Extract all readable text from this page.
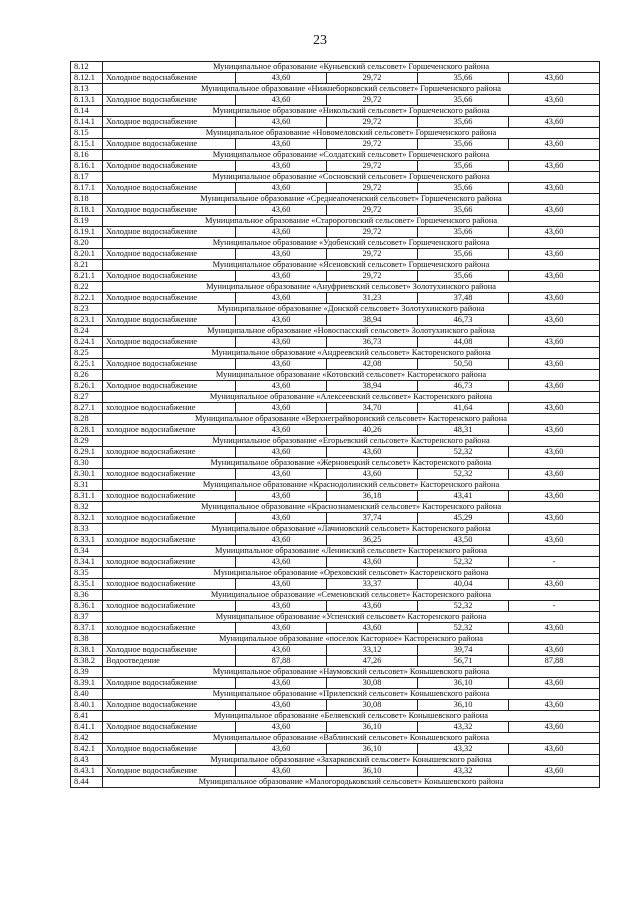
23
8.12	Муниципальное образование «Куньевский сельсовет» Горшеченского района				
8.12.1	Холодное водоснабжение	43,60	29,72	35,66	43,60
8.13	Муниципальное образование «Нижнеборковский сельсовет» Горшеченского района				
8.13.1	Холодное водоснабжение	43,60	29,72	35,66	43,60
8.14	Муниципальное образование «Никольский сельсовет» Горшеченского района				
8.14.1	Холодное водоснабжение	43,60	29,72	35,66	43,60
8.15	Муниципальное образование «Новомеловский сельсовет» Горшеченского района				
8.15.1	Холодное водоснабжение	43,60	29,72	35,66	43,60
8.16	Муниципальное образование «Солдатский сельсовет» Горшеченского района				
8.16.1	Холодное водоснабжение	43,60	29,72	35,66	43,60
8.17	Муниципальное образование «Сосновский сельсовет» Горшеченского района				
8.17.1	Холодное водоснабжение	43,60	29,72	35,66	43,60
8.18	Муниципальное образование «Среднеапоченский сельсовет» Горшеченского района				
8.18.1	Холодное водоснабжение	43,60	29,72	35,66	43,60
8.19	Муниципальное образование «Старороговский сельсовет» Горшеченского района				
8.19.1	Холодное водоснабжение	43,60	29,72	35,66	43,60
8.20	Муниципальное образование «Удобенский сельсовет» Горшеченского района				
8.20.1	Холодное водоснабжение	43,60	29,72	35,66	43,60
8.21	Муниципальное образование «Ясеновский сельсовет» Горшеченского района				
8.21.1	Холодное водоснабжение	43,60	29,72	35,66	43,60
8.22	Муниципальное образование «Ануфриевский сельсовет» Золотухинского района				
8.22.1	Холодное водоснабжение	43,60	31,23	37,48	43,60
8.23	Муниципальное образование «Донской сельсовет» Золотухинского района				
8.23.1	Холодное водоснабжение	43,60	38,94	46,73	43,60
8.24	Муниципальное образование «Новоспасский сельсовет» Золотухинского района				
8.24.1	Холодное водоснабжение	43,60	36,73	44,08	43,60
8.25	Муниципальное образование «Андреевский сельсовет» Касторенского района				
8.25.1	Холодное водоснабжение	43,60	42,08	50,50	43,60
8.26	Муниципальное образование «Котовский сельсовет» Касторенского района				
8.26.1	Холодное водоснабжение	43,60	38,94	46,73	43,60
8.27	Муниципальное образование «Алексеевский сельсовет» Касторенского района				
8.27.1	холодное водоснабжение	43,60	34,70	41,64	43,60
8.28	Муниципальное образование «Верхнеграйворонский сельсовет» Касторенского района				
8.28.1	холодное водоснабжение	43,60	40,26	48,31	43,60
8.29	Муниципальное образование «Егорьевский сельсовет» Касторенского района				
8.29.1	холодное водоснабжение	43,60	43,60	52,32	43,60
8.30	Муниципальное образование «Жерновецкий сельсовет» Касторенского района				
8.30.1	холодное водоснабжение	43,60	43,60	52,32	43,60
8.31	Муниципальное образование «Краснодолинский сельсовет» Касторенского района				
8.31.1	холодное водоснабжение	43,60	36,18	43,41	43,60
8.32	Муниципальное образование «Краснознаменский сельсовет» Касторенского района				
8.32.1	холодное водоснабжение	43,60	37,74	45,29	43,60
8.33	Муниципальное образование «Лачиновский сельсовет» Касторенского района				
8.33.1	холодное водоснабжение	43,60	36,25	43,50	43,60
8.34	Муниципальное образование «Ленинский сельсовет» Касторенского района				
8.34.1	холодное водоснабжение	43,60	43,60	52,32	-
8.35	Муниципальное образование «Ореховский сельсовет» Касторенского района				
8.35.1	холодное водоснабжение	43,60	33,37	40,04	43,60
8.36	Муниципальное образование «Семеновский сельсовет» Касторенского района				
8.36.1	холодное водоснабжение	43,60	43,60	52,32	-
8.37	Муниципальное образование «Успенский сельсовет» Касторенского района				
8.37.1	холодное водоснабжение	43,60	43,60	52,32	43,60
8.38	Муниципальное образование «поселок Касторное» Касторенского района				
8.38.1	Холодное водоснабжение	43,60	33,12	39,74	43,60
8.38.2	Водоотведение	87,88	47,26	56,71	87,88
8.39	Муниципальное образование «Наумовский сельсовет» Конышевского района				
8.39.1	Холодное водоснабжение	43,60	30,08	36,10	43,60
8.40	Муниципальное образование «Прилепский сельсовет» Конышевского района				
8.40.1	Холодное водоснабжение	43,60	30,08	36,10	43,60
8.41	Муниципальное образование «Беляевский сельсовет» Конышевского района				
8.41.1	Холодное водоснабжение	43,60	36,10	43,32	43,60
8.42	Муниципальное образование «Ваблинский сельсовет» Конышевского района				
8.42.1	Холодное водоснабжение	43,60	36,10	43,32	43,60
8.43	Муниципальное образование «Захарковский сельсовет» Конышевского района				
8.43.1	Холодное водоснабжение	43,60	36,10	43,32	43,60
8.44	Муниципальное образование «Малогородьковский сельсовет» Конышевского района				
